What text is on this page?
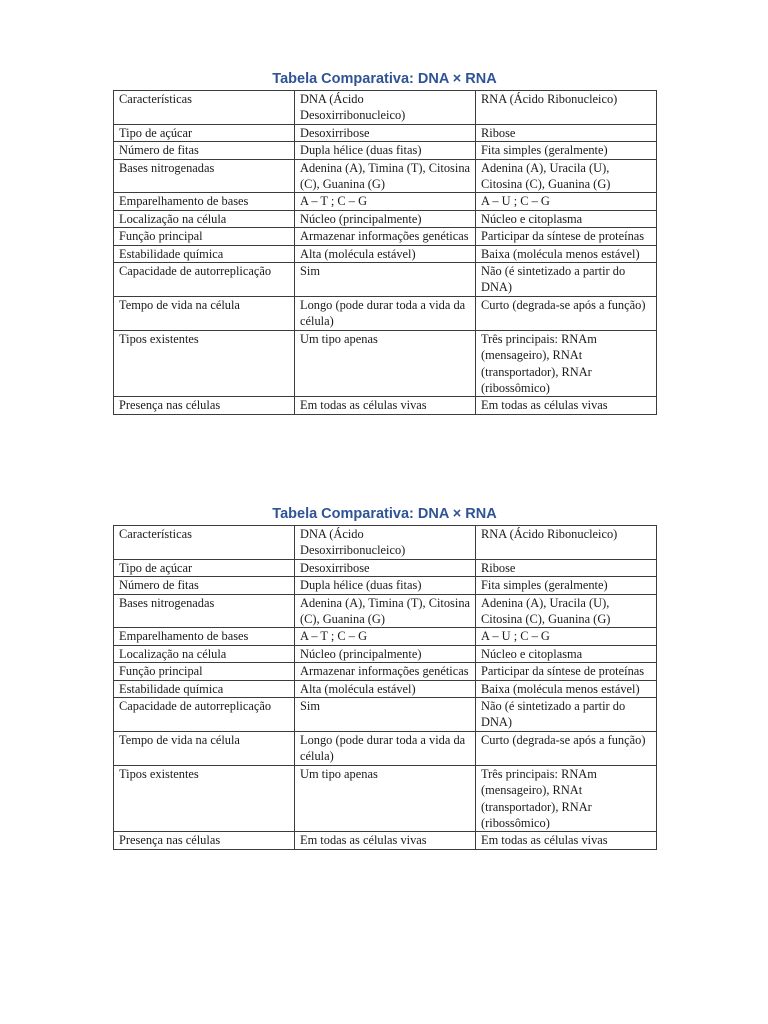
Tabela Comparativa: DNA × RNA
Características	DNA (Ácido Desoxirribonucleico)	RNA (Ácido Ribonucleico)
Tipo de açúcar	Desoxirribose	Ribose
Número de fitas	Dupla hélice (duas fitas)	Fita simples (geralmente)
Bases nitrogenadas	Adenina (A), Timina (T), Citosina (C), Guanina (G)	Adenina (A), Uracila (U), Citosina (C), Guanina (G)
Emparelhamento de bases	A – T ; C – G	A – U ; C – G
Localização na célula	Núcleo (principalmente)	Núcleo e citoplasma
Função principal	Armazenar informações genéticas	Participar da síntese de proteínas
Estabilidade química	Alta (molécula estável)	Baixa (molécula menos estável)
Capacidade de autorreplicação	Sim	Não (é sintetizado a partir do DNA)
Tempo de vida na célula	Longo (pode durar toda a vida da célula)	Curto (degrada-se após a função)
Tipos existentes	Um tipo apenas	Três principais: RNAm (mensageiro), RNAt (transportador), RNAr (ribossômico)
Presença nas células	Em todas as células vivas	Em todas as células vivas
Tabela Comparativa: DNA × RNA
Características	DNA (Ácido Desoxirribonucleico)	RNA (Ácido Ribonucleico)
Tipo de açúcar	Desoxirribose	Ribose
Número de fitas	Dupla hélice (duas fitas)	Fita simples (geralmente)
Bases nitrogenadas	Adenina (A), Timina (T), Citosina (C), Guanina (G)	Adenina (A), Uracila (U), Citosina (C), Guanina (G)
Emparelhamento de bases	A – T ; C – G	A – U ; C – G
Localização na célula	Núcleo (principalmente)	Núcleo e citoplasma
Função principal	Armazenar informações genéticas	Participar da síntese de proteínas
Estabilidade química	Alta (molécula estável)	Baixa (molécula menos estável)
Capacidade de autorreplicação	Sim	Não (é sintetizado a partir do DNA)
Tempo de vida na célula	Longo (pode durar toda a vida da célula)	Curto (degrada-se após a função)
Tipos existentes	Um tipo apenas	Três principais: RNAm (mensageiro), RNAt (transportador), RNAr (ribossômico)
Presença nas células	Em todas as células vivas	Em todas as células vivas
